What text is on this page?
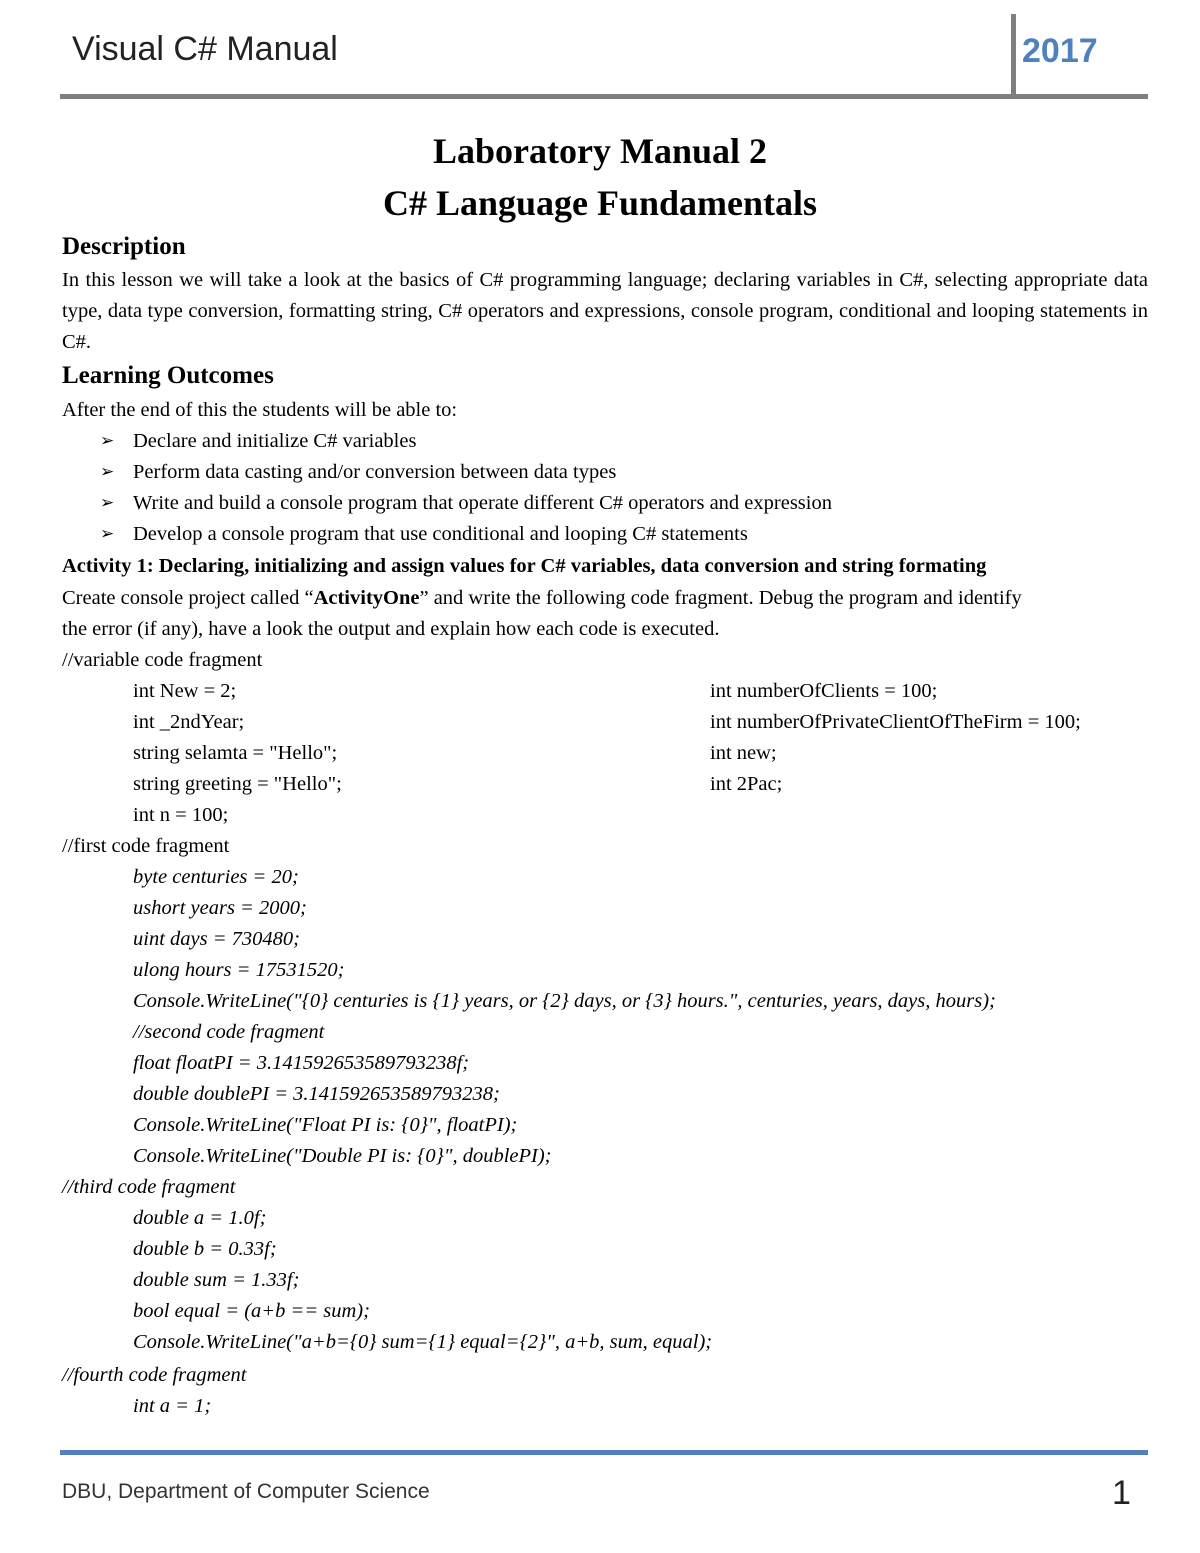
Visual C# Manual	2017
Laboratory Manual 2
C# Language Fundamentals
Description
In this lesson we will take a look at the basics of C# programming language; declaring variables in C#, selecting appropriate data type, data type conversion, formatting string, C# operators and expressions, console program, conditional and looping statements in C#.
Learning Outcomes
After the end of this the students will be able to:
➢ Declare and initialize C# variables
➢ Perform data casting and/or conversion between data types
➢ Write and build a console program that operate different C# operators and expression
➢ Develop a console program that use conditional and looping C# statements
Activity 1: Declaring, initializing and assign values for C# variables, data conversion and string formating
Create console project called “ActivityOne” and write the following code fragment. Debug the program and identify
the error (if any), have a look the output and explain how each code is executed.
//variable code fragment
int New = 2;
int _2ndYear;
string selamta = "Hello";
string greeting = "Hello";
int n = 100;
int numberOfClients = 100;
int numberOfPrivateClientOfTheFirm = 100;
int new;
int 2Pac;
//first code fragment
byte centuries = 20;
ushort years = 2000;
uint days = 730480;
ulong hours = 17531520;
Console.WriteLine("{0} centuries is {1} years, or {2} days, or {3} hours.", centuries, years, days, hours);
//second code fragment
float floatPI = 3.141592653589793238f;
double doublePI = 3.141592653589793238;
Console.WriteLine("Float PI is: {0}", floatPI);
Console.WriteLine("Double PI is: {0}", doublePI);
//third code fragment
double a = 1.0f;
double b = 0.33f;
double sum = 1.33f;
bool equal = (a+b == sum);
Console.WriteLine("a+b={0} sum={1} equal={2}", a+b, sum, equal);
//fourth code fragment
int a = 1;
DBU, Department of Computer Science	1
